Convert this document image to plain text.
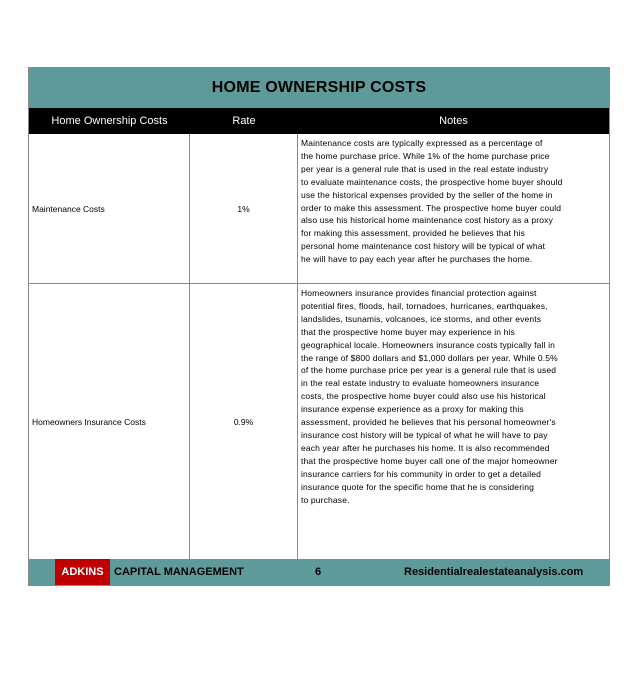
HOME OWNERSHIP COSTS
Home Ownership Costs	Rate	Notes
Maintenance Costs	1%
Maintenance costs are typically expressed as a percentage of
the home purchase price. While 1% of the home purchase price
per year is a general rule that is used in the real estate industry
to evaluate maintenance costs, the prospective home buyer should
use the historical expenses provided by the seller of the home in
order to make this assessment. The prospective home buyer could
also use his historical home maintenance cost history as a proxy
for making this assessment, provided he believes that his
personal home maintenance cost history will be typical of what
he will have to pay each year after he purchases the home.
Homeowners Insurance Costs	0.9%
Homeowners insurance provides financial protection against
potential fires, floods, hail, tornadoes, hurricanes, earthquakes,
landslides, tsunamis, volcanoes, ice storms, and other events
that the prospective home buyer may experience in his
geographical locale. Homeowners insurance costs typically fall in
the range of $800 dollars and $1,000 dollars per year. While 0.5%
of the home purchase price per year is a general rule that is used
in the real estate industry to evaluate homeowners insurance
costs, the prospective home buyer could also use his historical
insurance expense experience as a proxy for making this
assessment, provided he believes that his personal homeowner's
insurance cost history will be typical of what he will have to pay
each year after he purchases his home. It is also recommended
that the prospective home buyer call one of the major homeowner
insurance carriers for his community in order to get a detailed
insurance quote for the specific home that he is considering
to purchase.
ADKINS CAPITAL MANAGEMENT	6	Residentialrealestateanalysis.com
